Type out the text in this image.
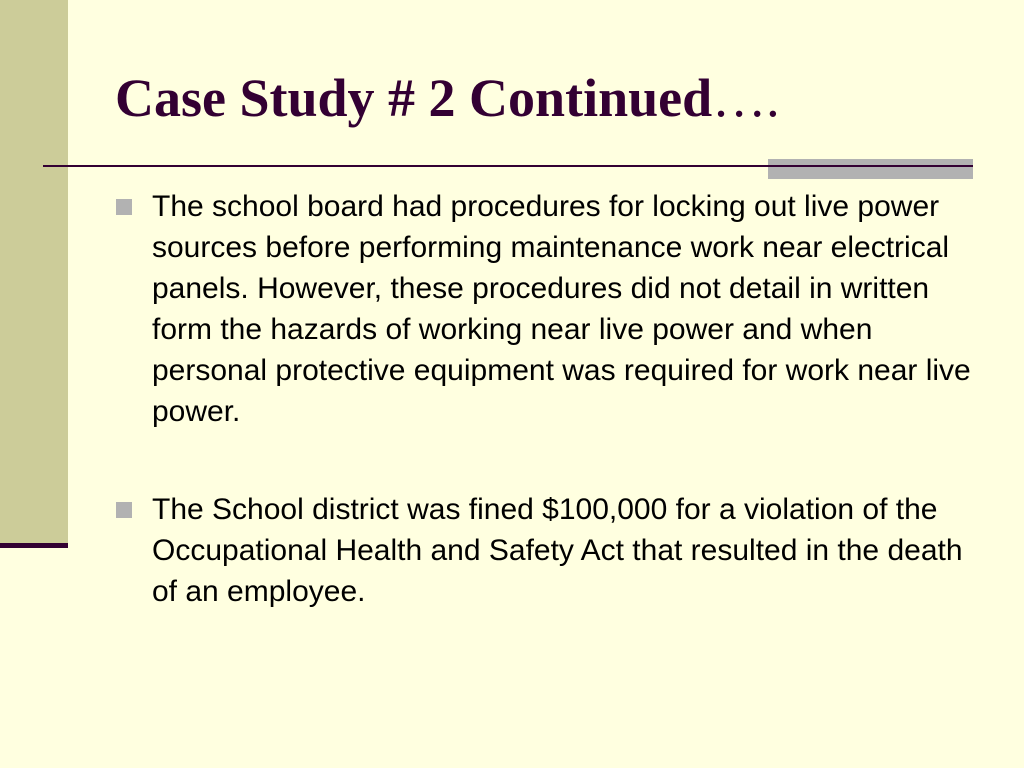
Case Study # 2 Continued….
The school board had procedures for locking out live power sources before performing maintenance work near electrical panels. However, these procedures did not detail in written form the hazards of working near live power and when personal protective equipment was required for work near live power.
The School district was fined $100,000 for a violation of the Occupational Health and Safety Act that resulted in the death of an employee.
